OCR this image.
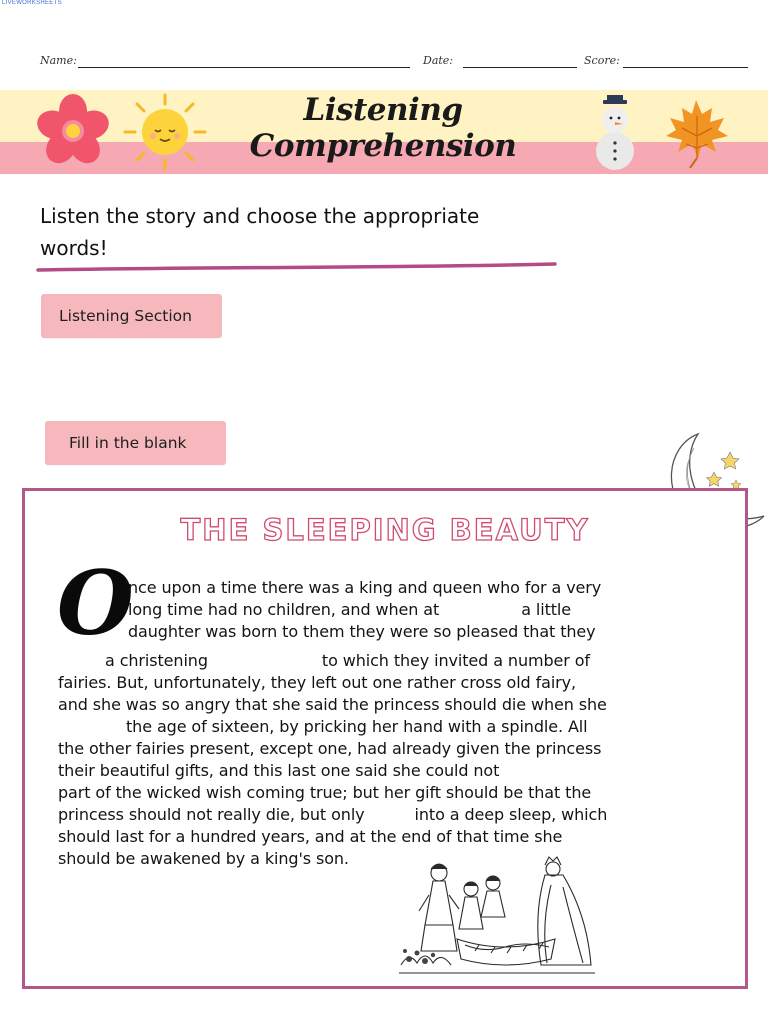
LIVEWORKSHEETS
Name:	Date:	Score:
Listening Comprehension
Listen the story and choose the appropriate words!
Listening Section
Fill in the blank
THE SLEEPING BEAUTY
O
nce upon a time there was a king and queen who for a very
long time had no children, and when at	a little
daughter was born to them they were so pleased that they
a christening	to which they invited a number of
fairies. But, unfortunately, they left out one rather cross old fairy,
and she was so angry that she said the princess should die when she
the age of sixteen, by pricking her hand with a spindle. All
the other fairies present, except one, had already given the princess
their beautiful gifts, and this last one said she could not
part of the wicked wish coming true; but her gift should be that the
princess should not really die, but only	into a deep sleep, which
should last for a hundred years, and at the end of that time she
should be awakened by a king's son.
